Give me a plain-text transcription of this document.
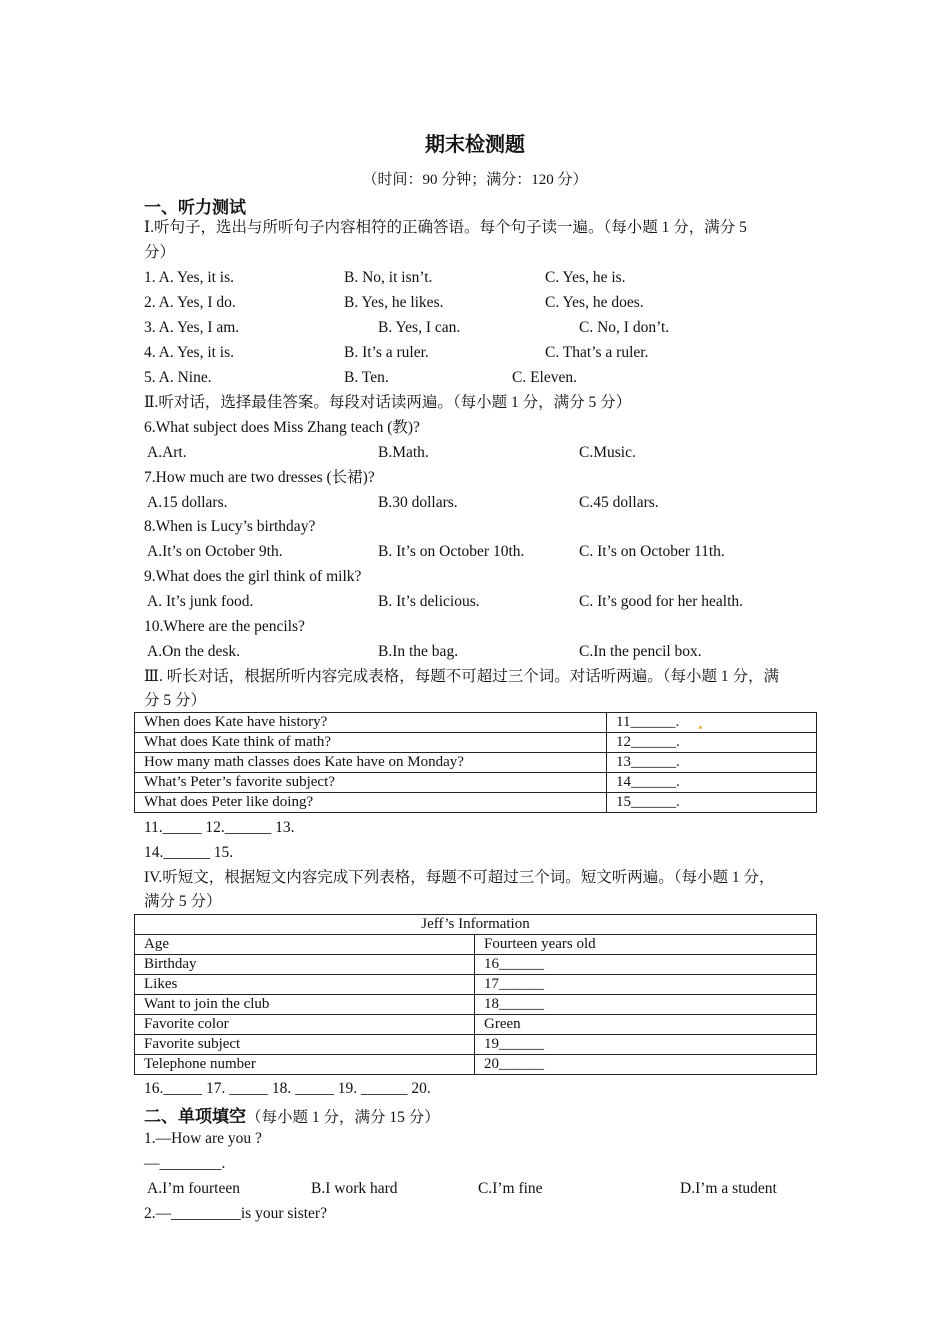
期末检测题
（时间：90 分钟；满分：120 分）
一、听力测试
Ⅰ.听句子，选出与所听句子内容相符的正确答语。每个句子读一遍。（每小题 1 分，满分 5
分）
1. A. Yes, it is.	B. No, it isn’t.	C. Yes, he is.
2. A. Yes, I do.	B. Yes, he likes.	C. Yes, he does.
3. A. Yes, I am.	B. Yes, I can.	C. No, I don’t.
4. A. Yes, it is.	B. It’s a ruler.	C. That’s a ruler.
5. A. Nine.	B. Ten.	C. Eleven.
Ⅱ.听对话，选择最佳答案。每段对话读两遍。（每小题 1 分，满分 5 分）
6.What subject does Miss Zhang teach (教)?
A.Art.	B.Math.	C.Music.
7.How much are two dresses (长裙)?
A.15 dollars.	B.30 dollars.	C.45 dollars.
8.When is Lucy’s birthday?
A.It’s on October 9th.	B. It’s on October 10th.	C. It’s on October 11th.
9.What does the girl think of milk?
A. It’s junk food.	B. It’s delicious.	C. It’s good for her health.
10.Where are the pencils?
A.On the desk.	B.In the bag.	C.In the pencil box.
Ⅲ. 听长对话，根据所听内容完成表格，每题不可超过三个词。对话听两遍。（每小题 1 分，满
分 5 分）
When does Kate have history?	11______.
What does Kate think of math?	12______.
How many math classes does Kate have on Monday?	13______.
What’s Peter’s favorite subject?	14______.
What does Peter like doing?	15______.
11._____ 12.______ 13.
14.______ 15.
IV.听短文，根据短文内容完成下列表格，每题不可超过三个词。短文听两遍。（每小题 1 分，
满分 5 分）
Jeff’s Information	
Age	Fourteen years old
Birthday	16______
Likes	17______
Want to join the club	18______
Favorite color	Green
Favorite subject	19______
Telephone number	20______
16._____ 17. _____ 18. _____ 19. ______ 20.
二、单项填空（每小题 1 分，满分 15 分）
1.—How are you ?
—________.
A.I’m fourteen	B.I work hard	C.I’m fine	D.I’m a student
2.—_________is your sister?
